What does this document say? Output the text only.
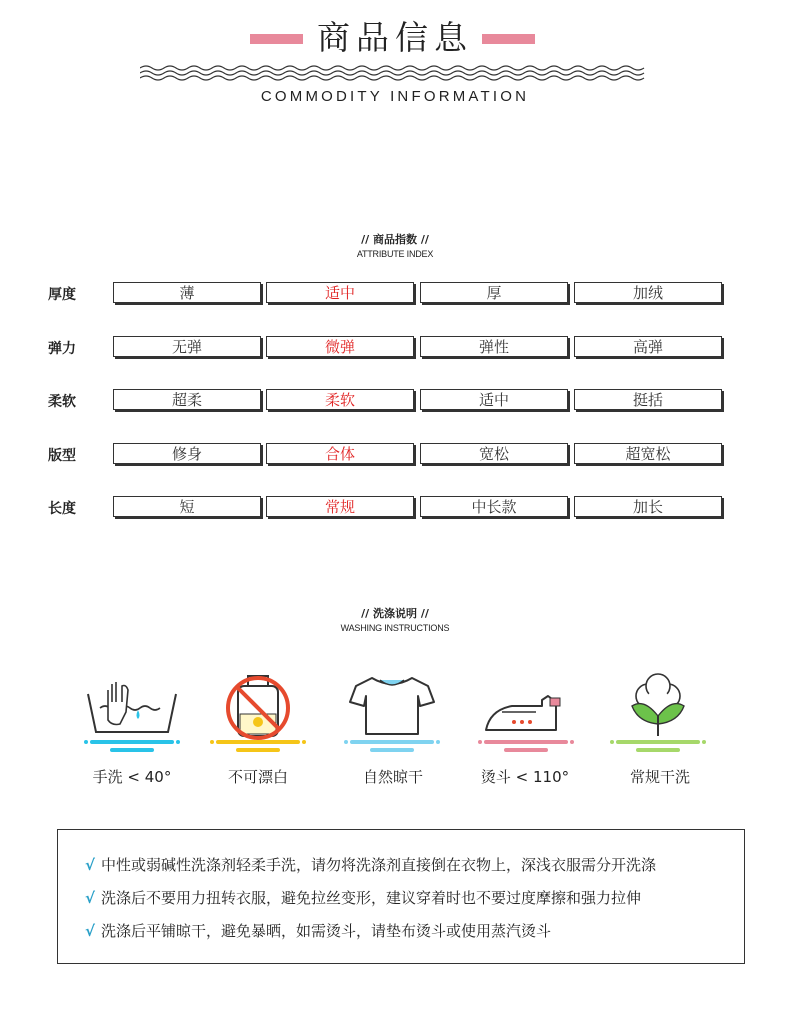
商品信息
COMMODITY INFORMATION
// 商品指数 //
ATTRIBUTE INDEX
厚度	薄	适中	厚	加绒
弹力	无弹	微弹	弹性	高弹
柔软	超柔	柔软	适中	挺括
版型	修身	合体	宽松	超宽松
长度	短	常规	中长款	加长
// 洗涤说明 //
WASHING INSTRUCTIONS
手洗 < 40°	不可漂白	自然晾干	烫斗 < 110°	常规干洗
√ 中性或弱碱性洗涤剂轻柔手洗，请勿将洗涤剂直接倒在衣物上，深浅衣服需分开洗涤
√ 洗涤后不要用力扭转衣服，避免拉丝变形，建议穿着时也不要过度摩擦和强力拉伸
√ 洗涤后平铺晾干，避免暴晒，如需烫斗，请垫布烫斗或使用蒸汽烫斗
